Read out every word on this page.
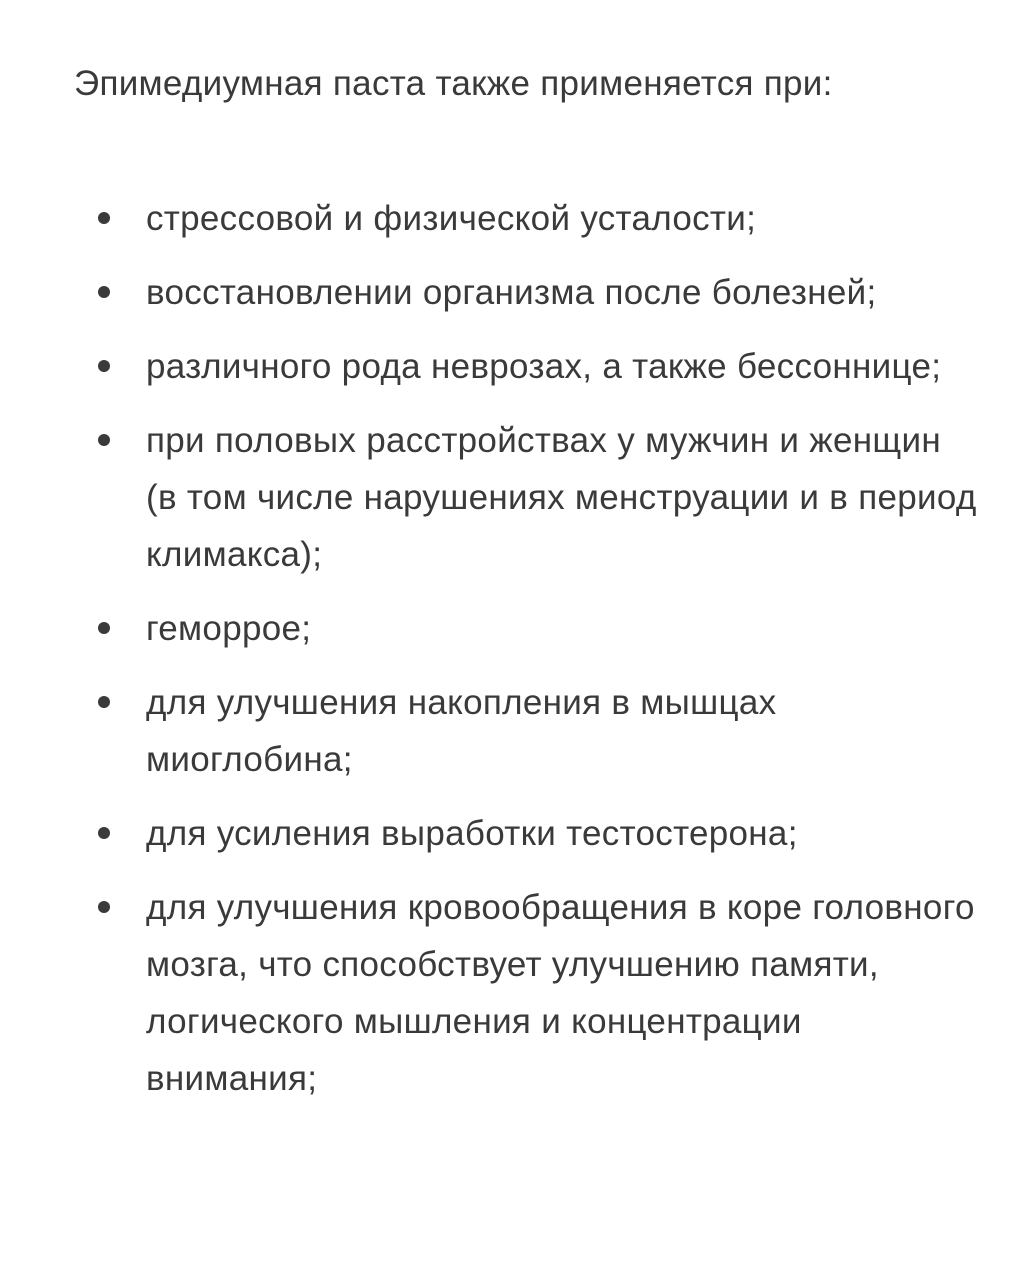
Эпимедиумная паста также применяется при:

стрессовой и физической усталости;
восстановлении организма после болезней;
различного рода неврозах, а также бессоннице;
при половых расстройствах у мужчин и женщин (в том числе нарушениях менструации и в период климакса);
геморрое;
для улучшения накопления в мышцах миоглобина;
для усиления выработки тестостерона;
для улучшения кровообращения в коре головного мозга, что способствует улучшению памяти, логического мышления и концентрации внимания;
